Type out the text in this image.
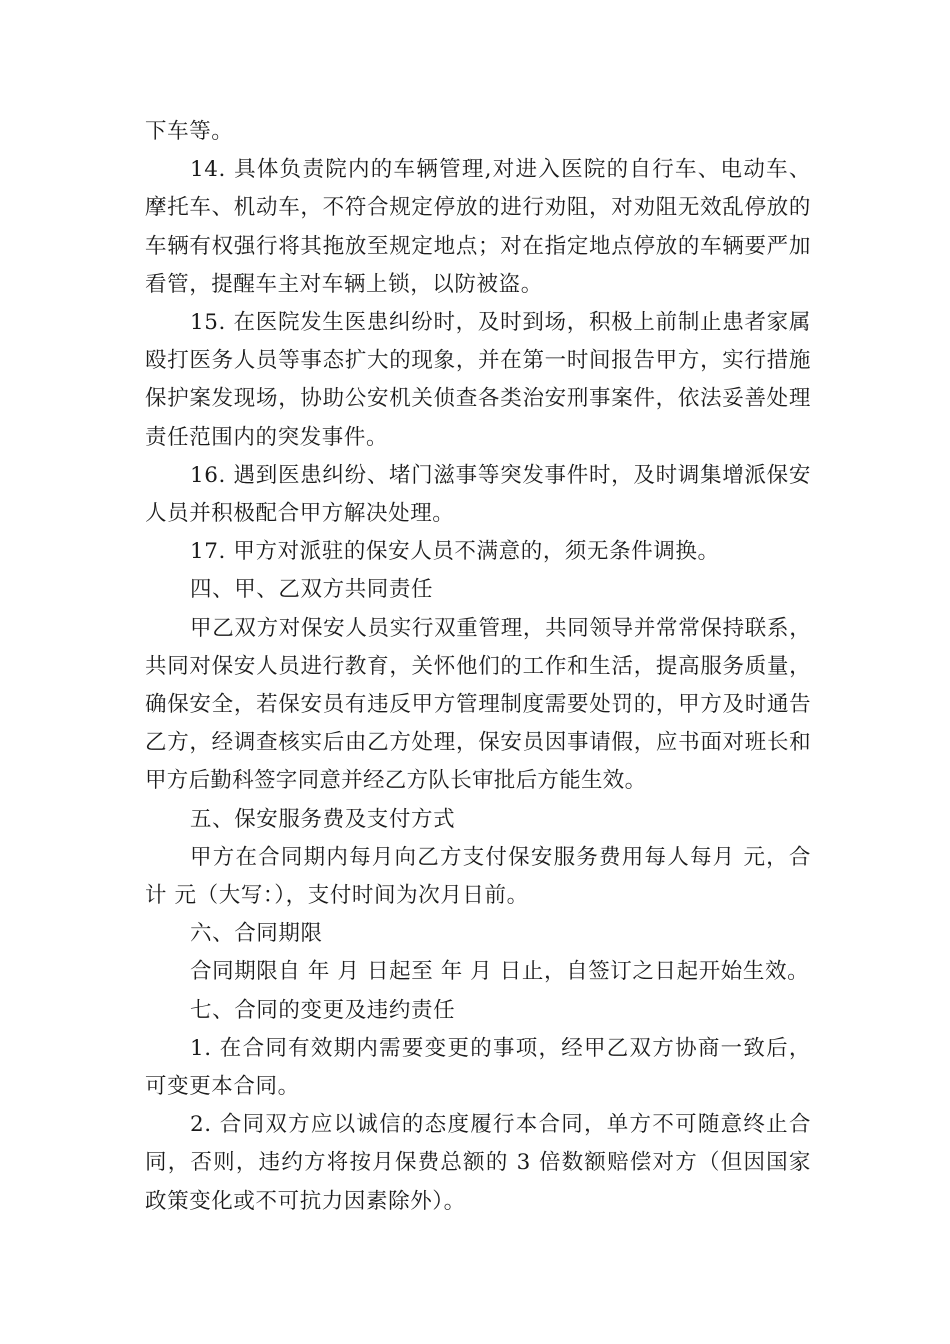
下车等。

14. 具体负责院内的车辆管理,对进入医院的自行车、电动车、摩托车、机动车，不符合规定停放的进行劝阻，对劝阻无效乱停放的车辆有权强行将其拖放至规定地点；对在指定地点停放的车辆要严加看管，提醒车主对车辆上锁，以防被盗。

15. 在医院发生医患纠纷时，及时到场，积极上前制止患者家属殴打医务人员等事态扩大的现象，并在第一时间报告甲方，实行措施保护案发现场，协助公安机关侦查各类治安刑事案件，依法妥善处理责任范围内的突发事件。

16. 遇到医患纠纷、堵门滋事等突发事件时，及时调集增派保安人员并积极配合甲方解决处理。

17. 甲方对派驻的保安人员不满意的，须无条件调换。

四、甲、乙双方共同责任

甲乙双方对保安人员实行双重管理，共同领导并常常保持联系，共同对保安人员进行教育，关怀他们的工作和生活，提高服务质量，确保安全，若保安员有违反甲方管理制度需要处罚的，甲方及时通告乙方，经调查核实后由乙方处理，保安员因事请假，应书面对班长和甲方后勤科签字同意并经乙方队长审批后方能生效。

五、保安服务费及支付方式

甲方在合同期内每月向乙方支付保安服务费用每人每月 元，合计 元（大写：），支付时间为次月日前。

六、合同期限

合同期限自 年 月 日起至 年 月 日止，自签订之日起开始生效。

七、合同的变更及违约责任

1. 在合同有效期内需要变更的事项，经甲乙双方协商一致后，可变更本合同。

2. 合同双方应以诚信的态度履行本合同，单方不可随意终止合同，否则，违约方将按月保费总额的 3 倍数额赔偿对方（但因国家政策变化或不可抗力因素除外）。
